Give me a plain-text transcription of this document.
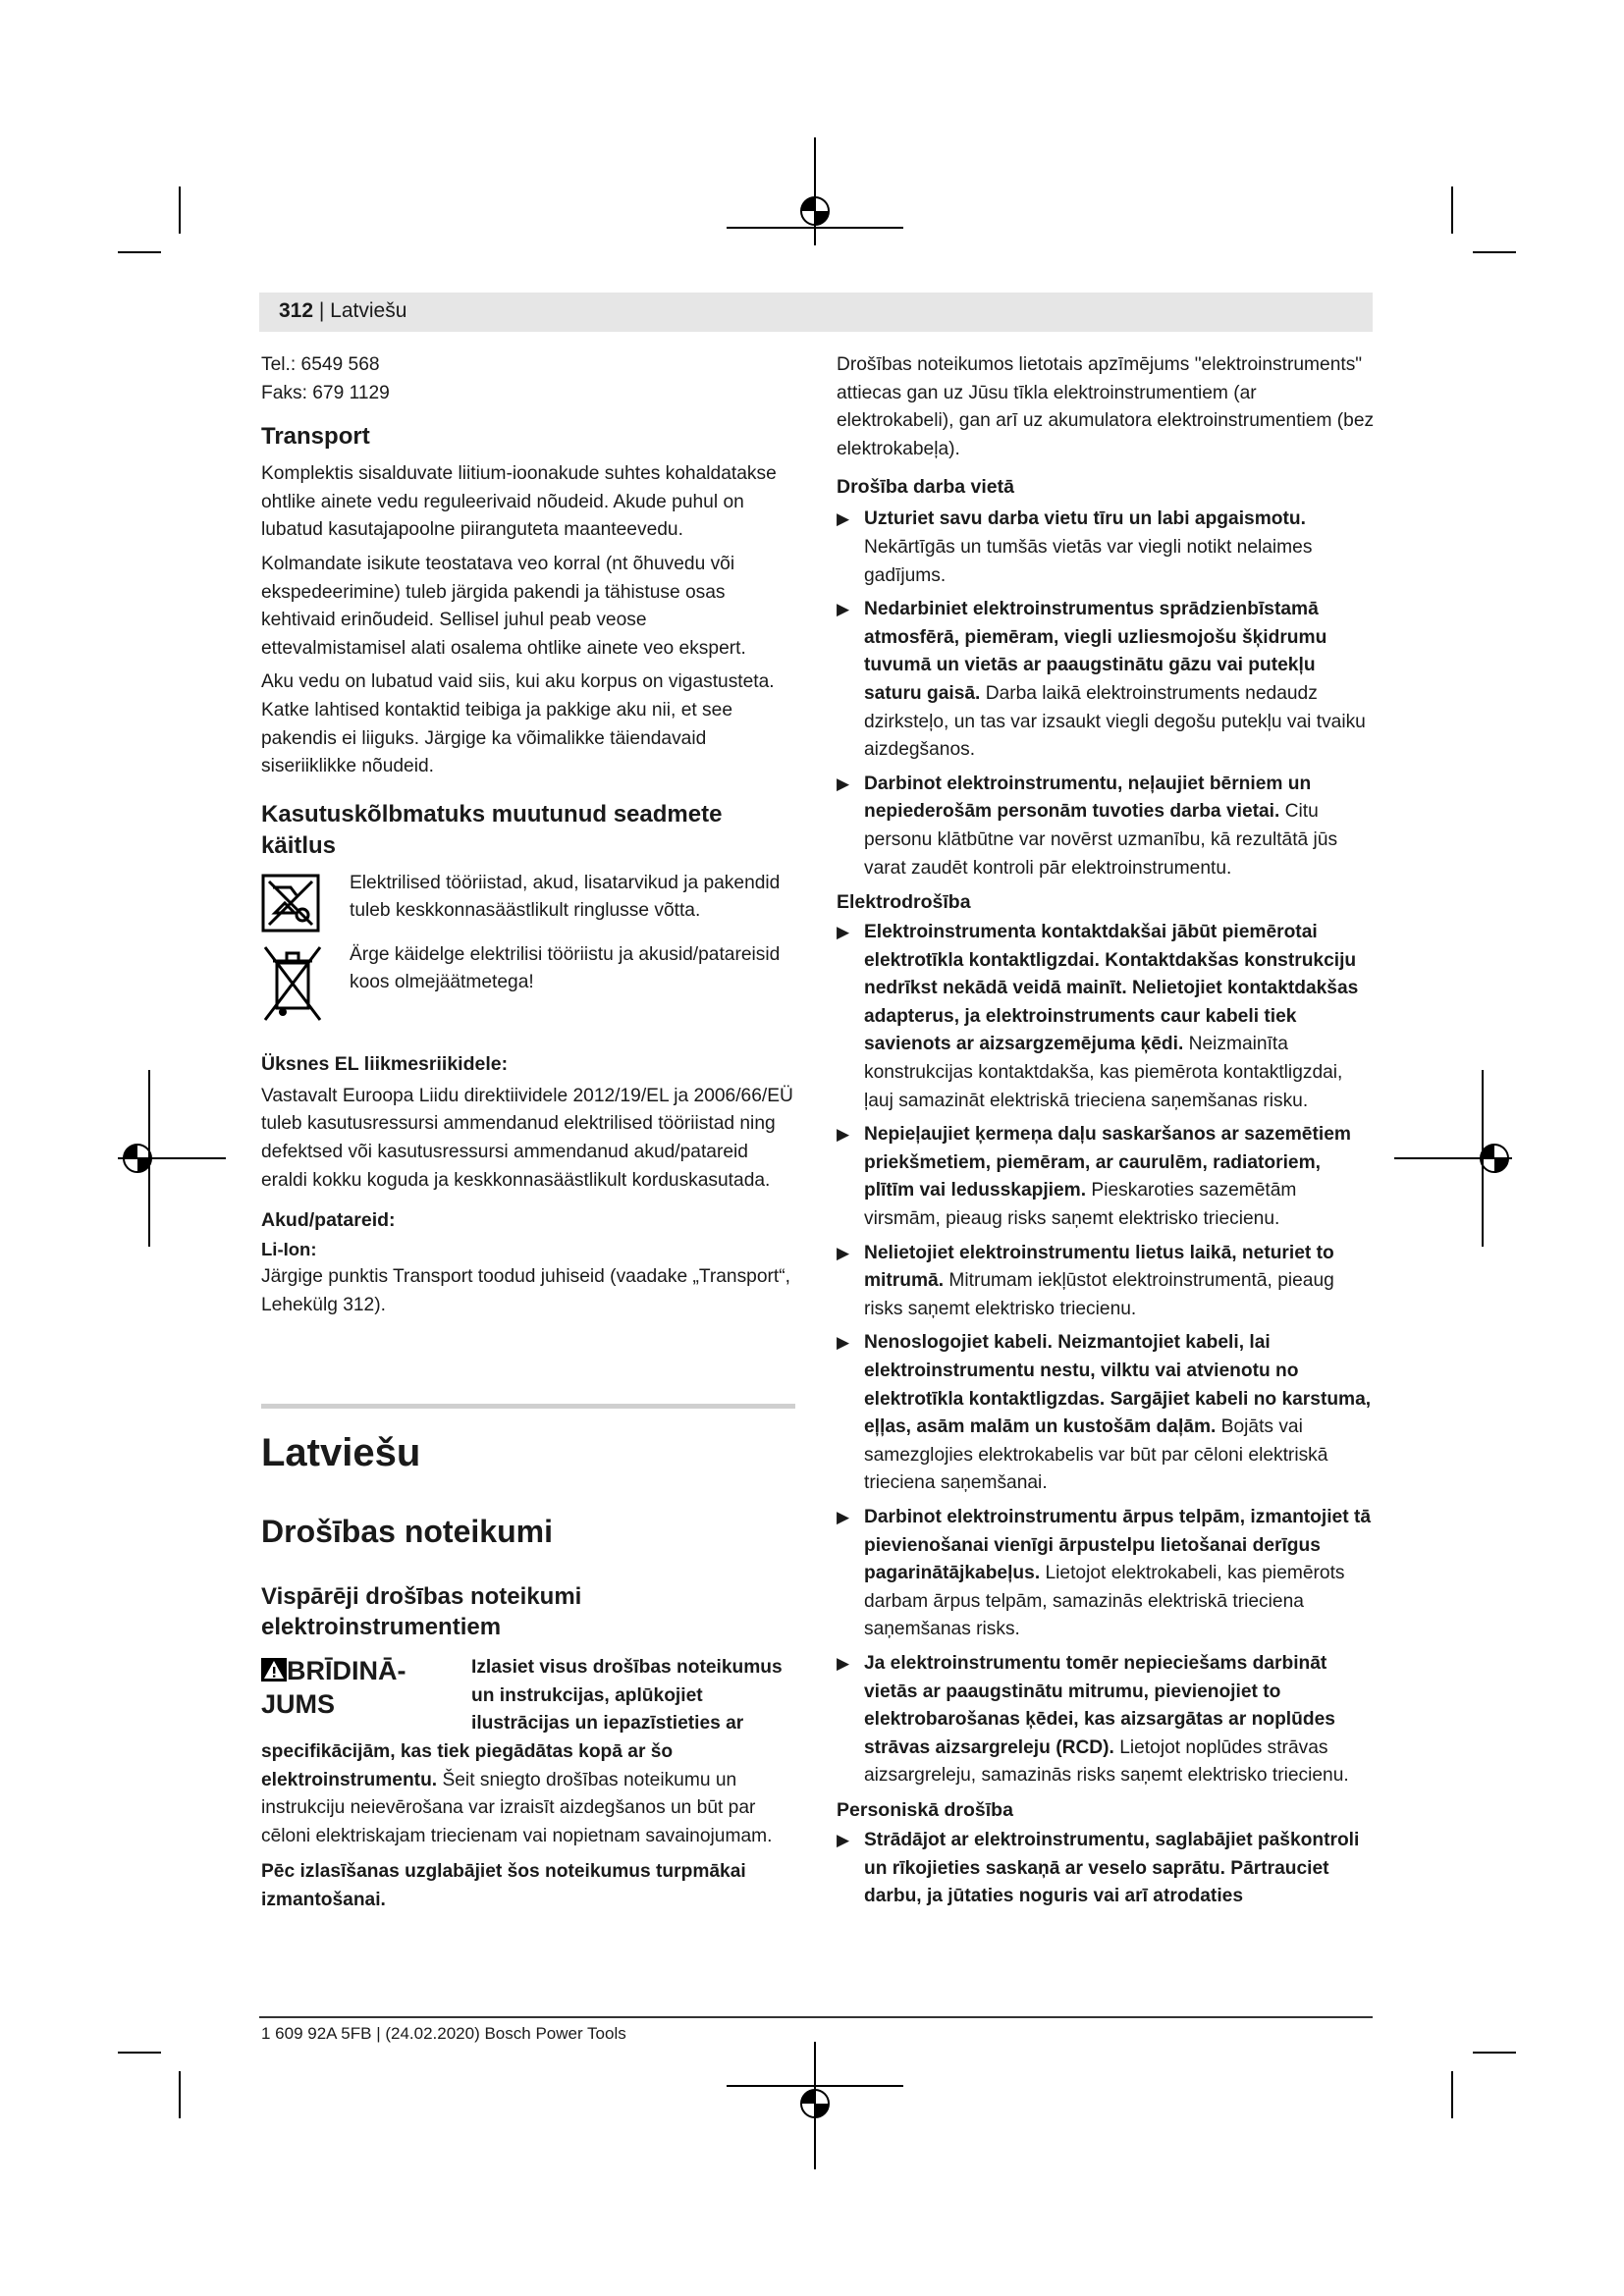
312 | Latviešu

Tel.: 6549 568

Faks: 679 1129

Transport

Komplektis sisalduvate liitium-ioonakude suhtes kohaldatakse ohtlike ainete vedu reguleerivaid nõudeid. Akude puhul on lubatud kasutajapoolne piiranguteta maanteevedu.

Kolmandate isikute teostatava veo korral (nt õhuvedu või ekspedeerimine) tuleb järgida pakendi ja tähistuse osas kehtivaid erinõudeid. Sellisel juhul peab veose ettevalmistamisel alati osalema ohtlike ainete veo ekspert.

Aku vedu on lubatud vaid siis, kui aku korpus on vigastusteta. Katke lahtised kontaktid teibiga ja pakkige aku nii, et see pakendis ei liiguks. Järgige ka võimalikke täiendavaid siseriiklikke nõudeid.

Kasutuskõlbmatuks muutunud seadmete käitlus

Elektrilised tööriistad, akud, lisatarvikud ja pakendid tuleb keskkonnasäästlikult ringlusse võtta.

Ärge käidelge elektrilisi tööriistu ja akusid/patareisid koos olmejäätmetega!

Üksnes EL liikmesriikidele:

Vastavalt Euroopa Liidu direktiividele 2012/19/EL ja 2006/66/EÜ tuleb kasutusressursi ammendanud elektrilised tööriistad ning defektsed või kasutusressursi ammendanud akud/patareid eraldi kokku koguda ja keskkonnasäästlikult korduskasutada.

Akud/patareid:
Li-Ion:

Järgige punktis Transport toodud juhiseid (vaadake „Transport“, Lehekülg 312).

Latviešu
Drošības noteikumi
Vispārēji drošības noteikumi elektroinstrumentiem
BRĪDINĀ-JUMS

Izlasiet visus drošības noteikumus un instrukcijas, aplūkojiet ilustrācijas un iepazīstieties ar specifikācijām, kas tiek piegādātas kopā ar šo elektroinstrumentu. Šeit sniegto drošības noteikumu un instrukciju neievērošana var izraisīt aizdegšanos un būt par cēloni elektriskajam triecienam vai nopietnam savainojumam.

Pēc izlasīšanas uzglabājiet šos noteikumus turpmākai izmantošanai.

Drošības noteikumos lietotais apzīmējums "elektroinstruments" attiecas gan uz Jūsu tīkla elektroinstrumentiem (ar elektrokabeli), gan arī uz akumulatora elektroinstrumentiem (bez elektrokabeļa).

Drošība darba vietā
▶ Uzturiet savu darba vietu tīru un labi apgaismotu. Nekārtīgās un tumšās vietās var viegli notikt nelaimes gadījums.

▶ Nedarbiniet elektroinstrumentus sprādzienbīstamā atmosfērā, piemēram, viegli uzliesmojošu šķidrumu tuvumā un vietās ar paaugstinātu gāzu vai putekļu saturu gaisā. Darba laikā elektroinstruments nedaudz dzirksteļo, un tas var izsaukt viegli degošu putekļu vai tvaiku aizdegšanos.

▶ Darbinot elektroinstrumentu, neļaujiet bērniem un nepiederošām personām tuvoties darba vietai. Citu personu klātbūtne var novērst uzmanību, kā rezultātā jūs varat zaudēt kontroli pār elektroinstrumentu.

Elektrodrošība
▶ Elektroinstrumenta kontaktdakšai jābūt piemērotai elektrotīkla kontaktligzdai. Kontaktdakšas konstrukciju nedrīkst nekādā veidā mainīt. Nelietojiet kontaktdakšas adapterus, ja elektroinstruments caur kabeli tiek savienots ar aizsargzemējuma ķēdi. Neizmainīta konstrukcijas kontaktdakša, kas piemērota kontaktligzdai, ļauj samazināt elektriskā trieciena saņemšanas risku.

▶ Nepieļaujiet ķermeņa daļu saskaršanos ar sazemētiem priekšmetiem, piemēram, ar caurulēm, radiatoriem, plītīm vai ledusskapjiem. Pieskaroties sazemētām virsmām, pieaug risks saņemt elektrisko triecienu.

▶ Nelietojiet elektroinstrumentu lietus laikā, neturiet to mitrumā. Mitrumam iekļūstot elektroinstrumentā, pieaug risks saņemt elektrisko triecienu.

▶ Nenoslogojiet kabeli. Neizmantojiet kabeli, lai elektroinstrumentu nestu, vilktu vai atvienotu no elektrotīkla kontaktligzdas. Sargājiet kabeli no karstuma, eļļas, asām malām un kustošām daļām. Bojāts vai samezglojies elektrokabelis var būt par cēloni elektriskā trieciena saņemšanai.

▶ Darbinot elektroinstrumentu ārpus telpām, izmantojiet tā pievienošanai vienīgi ārpustelpu lietošanai derīgus pagarinātājkabeļus. Lietojot elektrokabeli, kas piemērots darbam ārpus telpām, samazinās elektriskā trieciena saņemšanas risks.

▶ Ja elektroinstrumentu tomēr nepieciešams darbināt vietās ar paaugstinātu mitrumu, pievienojiet to elektrobarošanas ķēdei, kas aizsargātas ar noplūdes strāvas aizsargreleju (RCD). Lietojot noplūdes strāvas aizsargreleju, samazinās risks saņemt elektrisko triecienu.

Personiskā drošība
▶ Strādājot ar elektroinstrumentu, saglabājiet paškontroli un rīkojieties saskaņā ar veselo saprātu. Pārtrauciet darbu, ja jūtaties noguris vai arī atrodaties

1 609 92A 5FB | (24.02.2020) Bosch Power Tools
